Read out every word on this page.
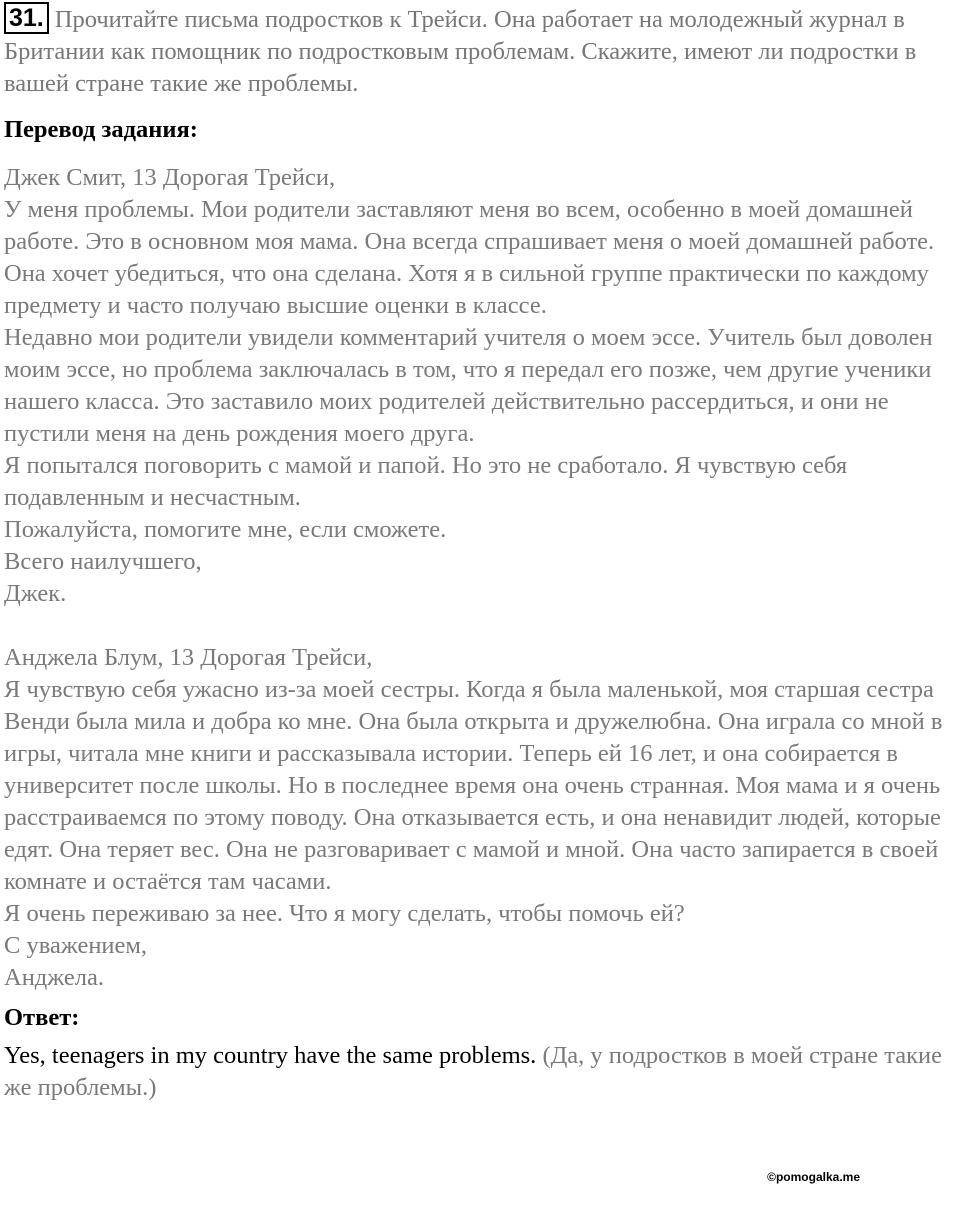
31. Прочитайте письма подростков к Трейси. Она работает на молодежный журнал в Британии как помощник по подростковым проблемам. Скажите, имеют ли подростки в вашей стране такие же проблемы.

Перевод задания:

Джек Смит, 13 Дорогая Трейси,

У меня проблемы. Мои родители заставляют меня во всем, особенно в моей домашней работе. Это в основном моя мама. Она всегда спрашивает меня о моей домашней работе. Она хочет убедиться, что она сделана. Хотя я в сильной группе практически по каждому предмету и часто получаю высшие оценки в классе.

Недавно мои родители увидели комментарий учителя о моем эссе. Учитель был доволен моим эссе, но проблема заключалась в том, что я передал его позже, чем другие ученики нашего класса. Это заставило моих родителей действительно рассердиться, и они не пустили меня на день рождения моего друга.

Я попытался поговорить с мамой и папой. Но это не сработало. Я чувствую себя подавленным и несчастным.

Пожалуйста, помогите мне, если сможете.

Всего наилучшего,

Джек.

Анджела Блум, 13 Дорогая Трейси,

Я чувствую себя ужасно из-за моей сестры. Когда я была маленькой, моя старшая сестра Венди была мила и добра ко мне. Она была открыта и дружелюбна. Она играла со мной в игры, читала мне книги и рассказывала истории. Теперь ей 16 лет, и она собирается в университет после школы. Но в последнее время она очень странная. Моя мама и я очень расстраиваемся по этому поводу. Она отказывается есть, и она ненавидит людей, которые едят. Она теряет вес. Она не разговаривает с мамой и мной. Она часто запирается в своей комнате и остаётся там часами.

Я очень переживаю за нее. Что я могу сделать, чтобы помочь ей?

С уважением,

Анджела.

Ответ:

Yes, teenagers in my country have the same problems. (Да, у подростков в моей стране такие же проблемы.)

©pomogalka.me
